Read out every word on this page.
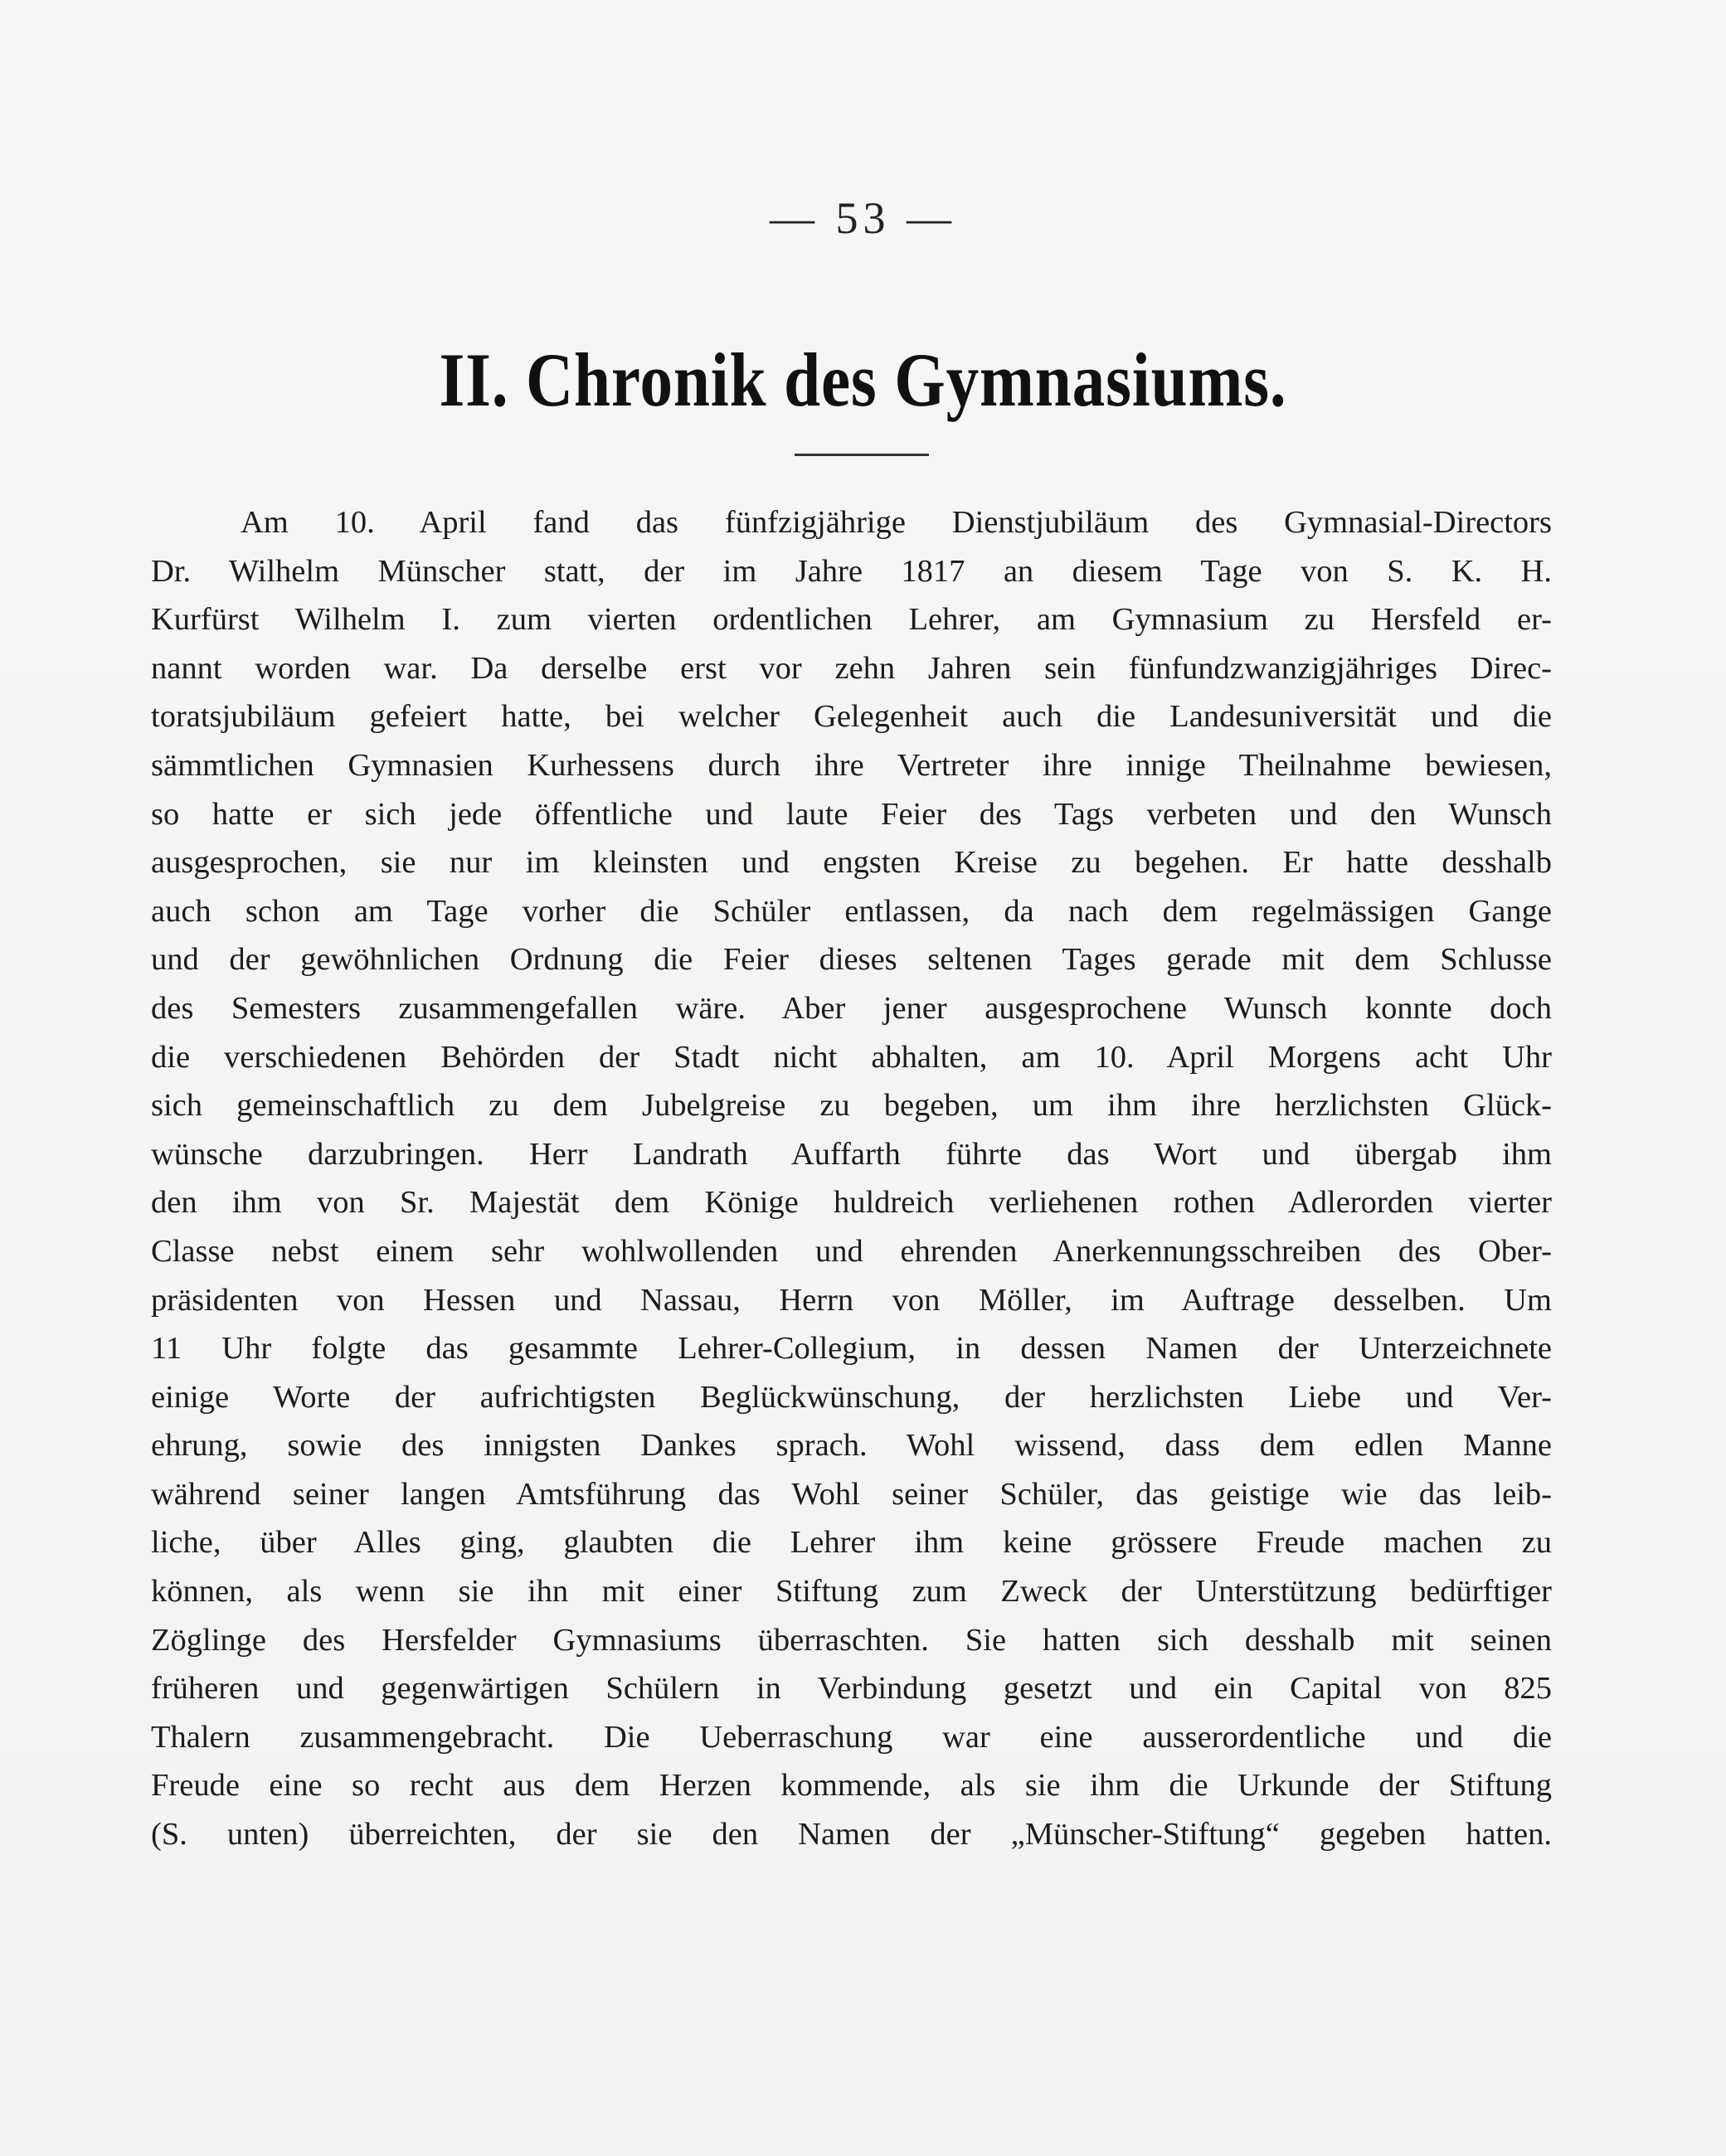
— 53 —
II. Chronik des Gymnasiums.
Am 10. April fand das fünfzigjährige Dienstjubiläum des Gymnasial-Directors
Dr. Wilhelm Münscher statt, der im Jahre 1817 an diesem Tage von S. K. H.
Kurfürst Wilhelm I. zum vierten ordentlichen Lehrer, am Gymnasium zu Hersfeld er-
nannt worden war. Da derselbe erst vor zehn Jahren sein fünfundzwanzigjähriges Direc-
toratsjubiläum gefeiert hatte, bei welcher Gelegenheit auch die Landesuniversität und die
sämmtlichen Gymnasien Kurhessens durch ihre Vertreter ihre innige Theilnahme bewiesen,
so hatte er sich jede öffentliche und laute Feier des Tags verbeten und den Wunsch
ausgesprochen, sie nur im kleinsten und engsten Kreise zu begehen. Er hatte desshalb
auch schon am Tage vorher die Schüler entlassen, da nach dem regelmässigen Gange
und der gewöhnlichen Ordnung die Feier dieses seltenen Tages gerade mit dem Schlusse
des Semesters zusammengefallen wäre. Aber jener ausgesprochene Wunsch konnte doch
die verschiedenen Behörden der Stadt nicht abhalten, am 10. April Morgens acht Uhr
sich gemeinschaftlich zu dem Jubelgreise zu begeben, um ihm ihre herzlichsten Glück-
wünsche darzubringen. Herr Landrath Auffarth führte das Wort und übergab ihm
den ihm von Sr. Majestät dem Könige huldreich verliehenen rothen Adlerorden vierter
Classe nebst einem sehr wohlwollenden und ehrenden Anerkennungsschreiben des Ober-
präsidenten von Hessen und Nassau, Herrn von Möller, im Auftrage desselben. Um
11 Uhr folgte das gesammte Lehrer-Collegium, in dessen Namen der Unterzeichnete
einige Worte der aufrichtigsten Beglückwünschung, der herzlichsten Liebe und Ver-
ehrung, sowie des innigsten Dankes sprach. Wohl wissend, dass dem edlen Manne
während seiner langen Amtsführung das Wohl seiner Schüler, das geistige wie das leib-
liche, über Alles ging, glaubten die Lehrer ihm keine grössere Freude machen zu
können, als wenn sie ihn mit einer Stiftung zum Zweck der Unterstützung bedürftiger
Zöglinge des Hersfelder Gymnasiums überraschten. Sie hatten sich desshalb mit seinen
früheren und gegenwärtigen Schülern in Verbindung gesetzt und ein Capital von 825
Thalern zusammengebracht. Die Ueberraschung war eine ausserordentliche und die
Freude eine so recht aus dem Herzen kommende, als sie ihm die Urkunde der Stiftung
(S. unten) überreichten, der sie den Namen der „Münscher-Stiftung“ gegeben hatten.
